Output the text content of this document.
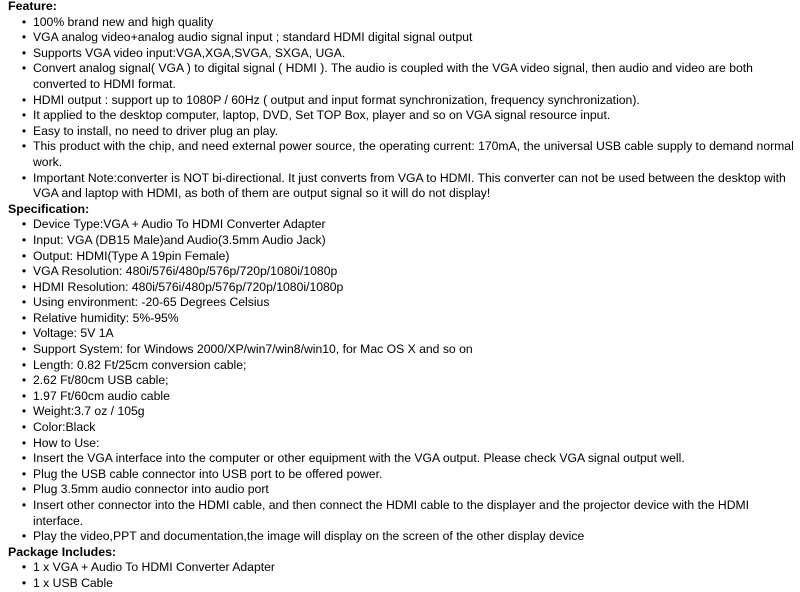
Feature:
• 100% brand new and high quality
• VGA analog video+analog audio signal input ; standard HDMI digital signal output
• Supports VGA video input:VGA,XGA,SVGA, SXGA, UGA.
• Convert analog signal( VGA ) to digital signal ( HDMI ). The audio is coupled with the VGA video signal, then audio and video are both converted to HDMI format.
• HDMI output : support up to 1080P / 60Hz ( output and input format synchronization, frequency synchronization).
• It applied to the desktop computer, laptop, DVD, Set TOP Box, player and so on VGA signal resource input.
• Easy to install, no need to driver plug an play.
• This product with the chip, and need external power source, the operating current: 170mA, the universal USB cable supply to demand normal work.
• Important Note:converter is NOT bi-directional. It just converts from VGA to HDMI. This converter can not be used between the desktop with VGA and laptop with HDMI, as both of them are output signal so it will do not display!
Specification:
• Device Type:VGA + Audio To HDMI Converter Adapter
• Input: VGA (DB15 Male)and Audio(3.5mm Audio Jack)
• Output: HDMI(Type A 19pin Female)
• VGA Resolution: 480i/576i/480p/576p/720p/1080i/1080p
• HDMI Resolution: 480i/576i/480p/576p/720p/1080i/1080p
• Using environment: -20-65 Degrees Celsius
• Relative humidity: 5%-95%
• Voltage: 5V 1A
• Support System: for Windows 2000/XP/win7/win8/win10, for Mac OS X and so on
• Length: 0.82 Ft/25cm conversion cable;
• 2.62 Ft/80cm USB cable;
• 1.97 Ft/60cm audio cable
• Weight:3.7 oz / 105g
• Color:Black
• How to Use:
• Insert the VGA interface into the computer or other equipment with the VGA output. Please check VGA signal output well.
• Plug the USB cable connector into USB port to be offered power.
• Plug 3.5mm audio connector into audio port
• Insert other connector into the HDMI cable, and then connect the HDMI cable to the displayer and the projector device with the HDMI interface.
• Play the video,PPT and documentation,the image will display on the screen of the other display device
Package Includes:
• 1 x VGA + Audio To HDMI Converter Adapter
• 1 x USB Cable
